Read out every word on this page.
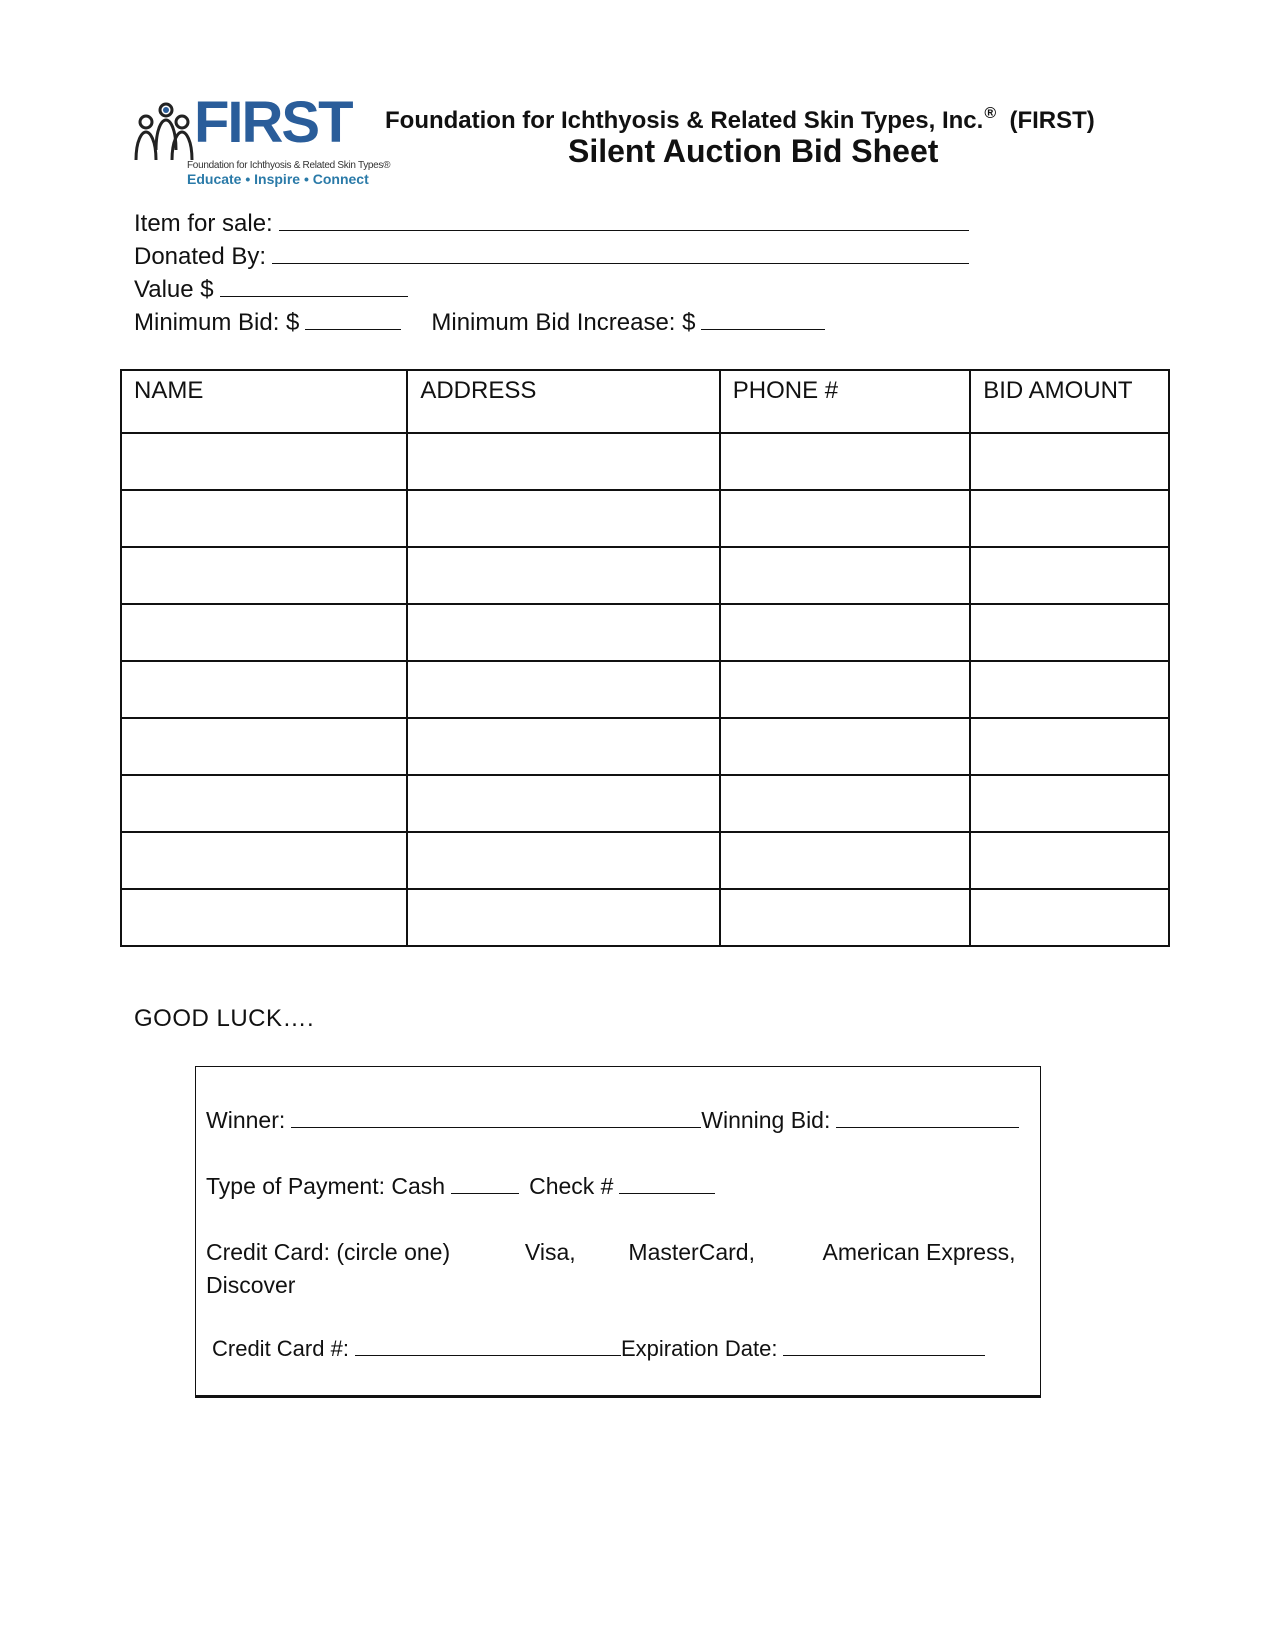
FIRST
Foundation for Ichthyosis & Related Skin Types®
Educate • Inspire • Connect
Foundation for Ichthyosis & Related Skin Types, Inc.® (FIRST)
Silent Auction Bid Sheet
Item for sale:
Donated By:
Value $
Minimum Bid: $	Minimum Bid Increase: $
NAME	ADDRESS	PHONE #	BID AMOUNT

GOOD LUCK….
Winner:	Winning Bid:
Type of Payment: Cash	Check #
Credit Card: (circle one)	Visa, MasterCard,	American Express,
Discover
Credit Card #:	Expiration Date:
